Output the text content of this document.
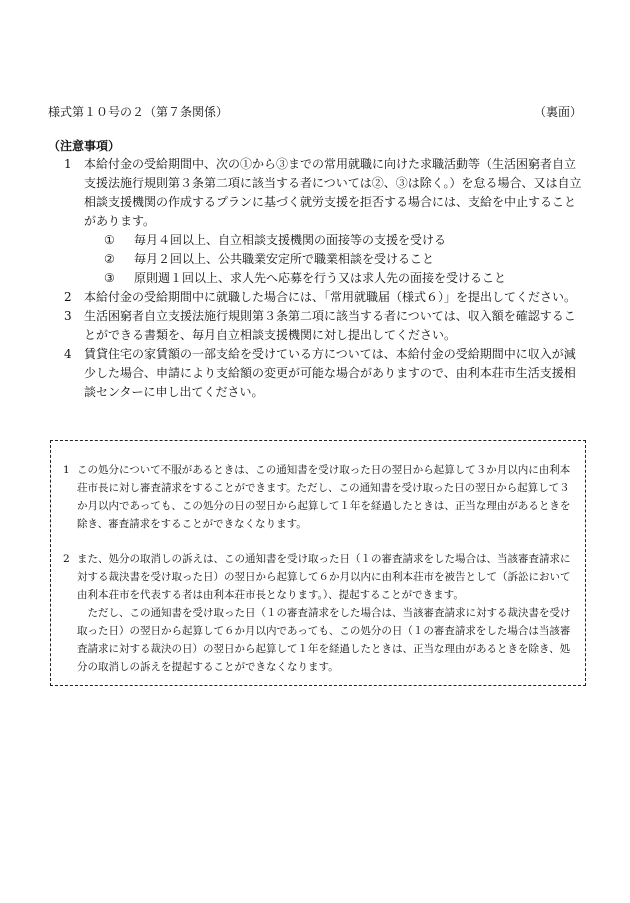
様式第１０号の２（第７条関係）	（裏面）
（注意事項）
1	本給付金の受給期間中、次の①から③までの常用就職に向けた求職活動等（生活困窮者自立支援法施行規則第３条第二項に該当する者については②、③は除く。）を怠る場合、又は自立相談支援機関の作成するプランに基づく就労支援を拒否する場合には、支給を中止することがあります。
①	毎月４回以上、自立相談支援機関の面接等の支援を受ける
②	毎月２回以上、公共職業安定所で職業相談を受けること
③	原則週１回以上、求人先へ応募を行う又は求人先の面接を受けること
2	本給付金の受給期間中に就職した場合には、「常用就職届（様式６）」を提出してください。
3	生活困窮者自立支援法施行規則第３条第二項に該当する者については、収入額を確認することができる書類を、毎月自立相談支援機関に対し提出してください。
4	賃貸住宅の家賃額の一部支給を受けている方については、本給付金の受給期間中に収入が減少した場合、申請により支給額の変更が可能な場合がありますので、由利本荘市生活支援相談センターに申し出てください。
1 この処分について不服があるときは、この通知書を受け取った日の翌日から起算して３か月以内に由利本荘市長に対し審査請求をすることができます。ただし、この通知書を受け取った日の翌日から起算して３か月以内であっても、この処分の日の翌日から起算して１年を経過したときは、正当な理由があるときを除き、審査請求をすることができなくなります。
2 また、処分の取消しの訴えは、この通知書を受け取った日（１の審査請求をした場合は、当該審査請求に対する裁決書を受け取った日）の翌日から起算して６か月以内に由利本荘市を被告として（訴訟において由利本荘市を代表する者は由利本荘市長となります。）、提起することができます。
ただし、この通知書を受け取った日（１の審査請求をした場合は、当該審査請求に対する裁決書を受け取った日）の翌日から起算して６か月以内であっても、この処分の日（１の審査請求をした場合は当該審査請求に対する裁決の日）の翌日から起算して１年を経過したときは、正当な理由があるときを除き、処分の取消しの訴えを提起することができなくなります。
